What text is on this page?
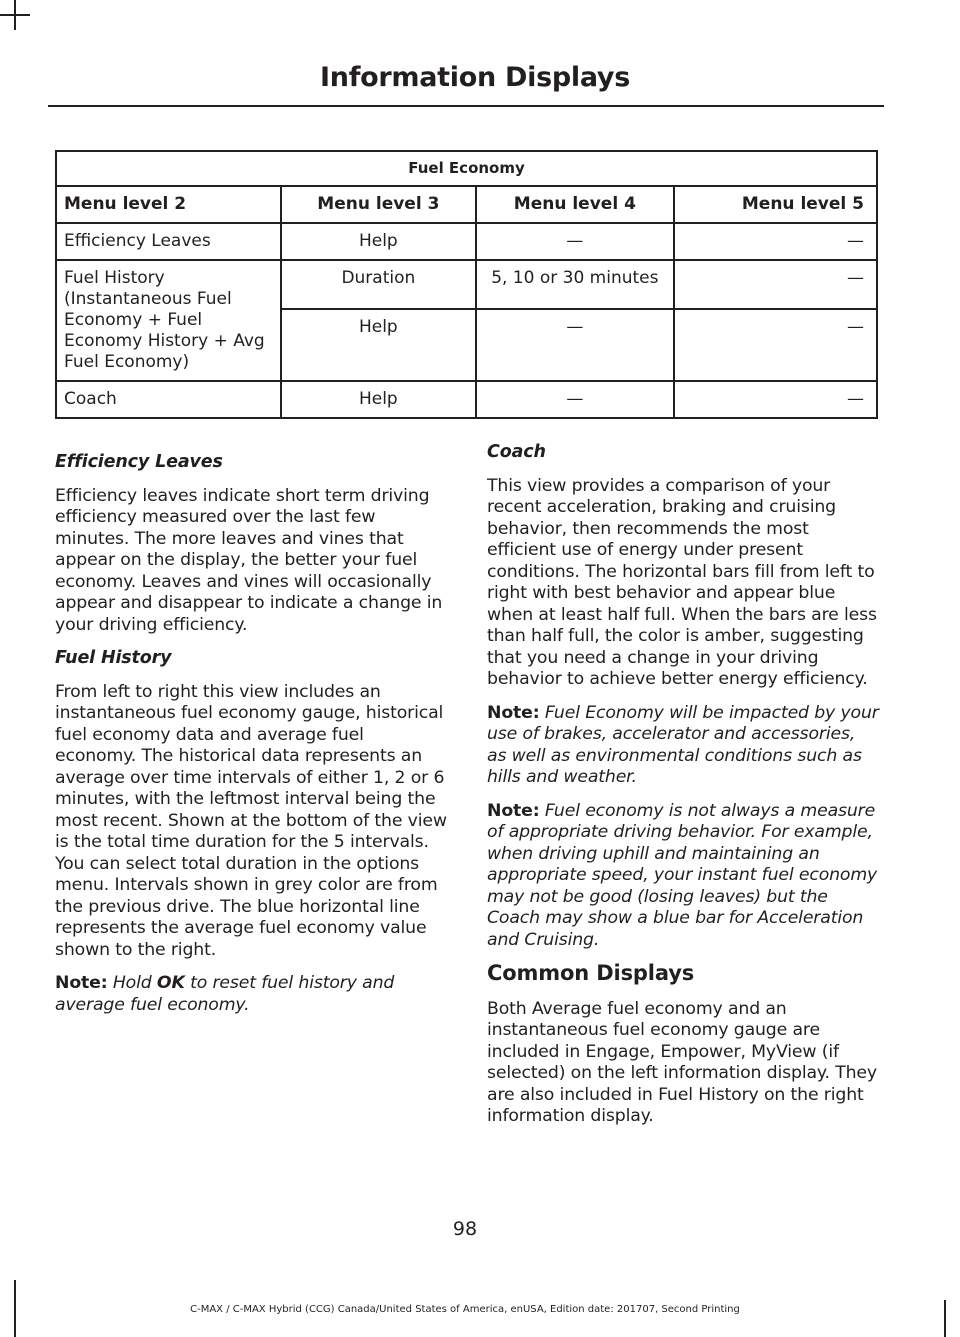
Information Displays
Fuel Economy			
Menu level 2	Menu level 3	Menu level 4	Menu level 5
Efficiency Leaves	Help	—	—
Fuel History (Instantaneous Fuel Economy + Fuel Economy History + Avg Fuel Economy)	Duration	5, 10 or 30 minutes	—
	Help	—	—
Coach	Help	—	—
Efficiency Leaves

Efficiency leaves indicate short term driving efficiency measured over the last few minutes. The more leaves and vines that appear on the display, the better your fuel economy. Leaves and vines will occasionally appear and disappear to indicate a change in your driving efficiency.

Fuel History

From left to right this view includes an instantaneous fuel economy gauge, historical fuel economy data and average fuel economy. The historical data represents an average over time intervals of either 1, 2 or 6 minutes, with the leftmost interval being the most recent. Shown at the bottom of the view is the total time duration for the 5 intervals. You can select total duration in the options menu. Intervals shown in grey color are from the previous drive. The blue horizontal line represents the average fuel economy value shown to the right.

Note: Hold OK to reset fuel history and average fuel economy.

Coach

This view provides a comparison of your recent acceleration, braking and cruising behavior, then recommends the most efficient use of energy under present conditions. The horizontal bars fill from left to right with best behavior and appear blue when at least half full. When the bars are less than half full, the color is amber, suggesting that you need a change in your driving behavior to achieve better energy efficiency.

Note: Fuel Economy will be impacted by your use of brakes, accelerator and accessories, as well as environmental conditions such as hills and weather.

Note: Fuel economy is not always a measure of appropriate driving behavior. For example, when driving uphill and maintaining an appropriate speed, your instant fuel economy may not be good (losing leaves) but the Coach may show a blue bar for Acceleration and Cruising.

Common Displays

Both Average fuel economy and an instantaneous fuel economy gauge are included in Engage, Empower, MyView (if selected) on the left information display. They are also included in Fuel History on the right information display.

98
C-MAX / C-MAX Hybrid (CCG) Canada/United States of America, enUSA, Edition date: 201707, Second Printing
